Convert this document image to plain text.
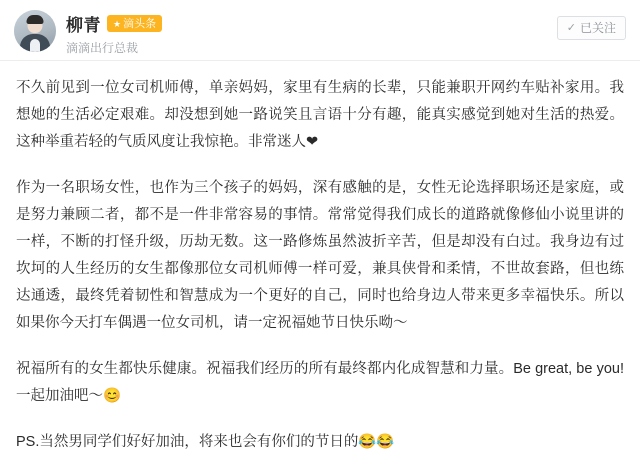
柳青 ★ 滴头条
滴滴出行总裁
✓ 已关注

不久前见到一位女司机师傅，单亲妈妈，家里有生病的长辈，只能兼职开网约车贴补家用。我想她的生活必定艰难。却没想到她一路说笑且言语十分有趣，能真实感觉到她对生活的热爱。这种举重若轻的气质风度让我惊艳。非常迷人❤

作为一名职场女性，也作为三个孩子的妈妈，深有感触的是，女性无论选择职场还是家庭，或是努力兼顾二者，都不是一件非常容易的事情。常常觉得我们成长的道路就像修仙小说里讲的一样，不断的打怪升级，历劫无数。这一路修炼虽然波折辛苦，但是却没有白过。我身边有过坎坷的人生经历的女生都像那位女司机师傅一样可爱，兼具侠骨和柔情，不世故套路，但也练达通透，最终凭着韧性和智慧成为一个更好的自己，同时也给身边人带来更多幸福快乐。所以如果你今天打车偶遇一位女司机，请一定祝福她节日快乐呦～

祝福所有的女生都快乐健康。祝福我们经历的所有最终都内化成智慧和力量。Be great, be you! 一起加油吧～😊

PS.当然男同学们好好加油，将来也会有你们的节日的😂😂
